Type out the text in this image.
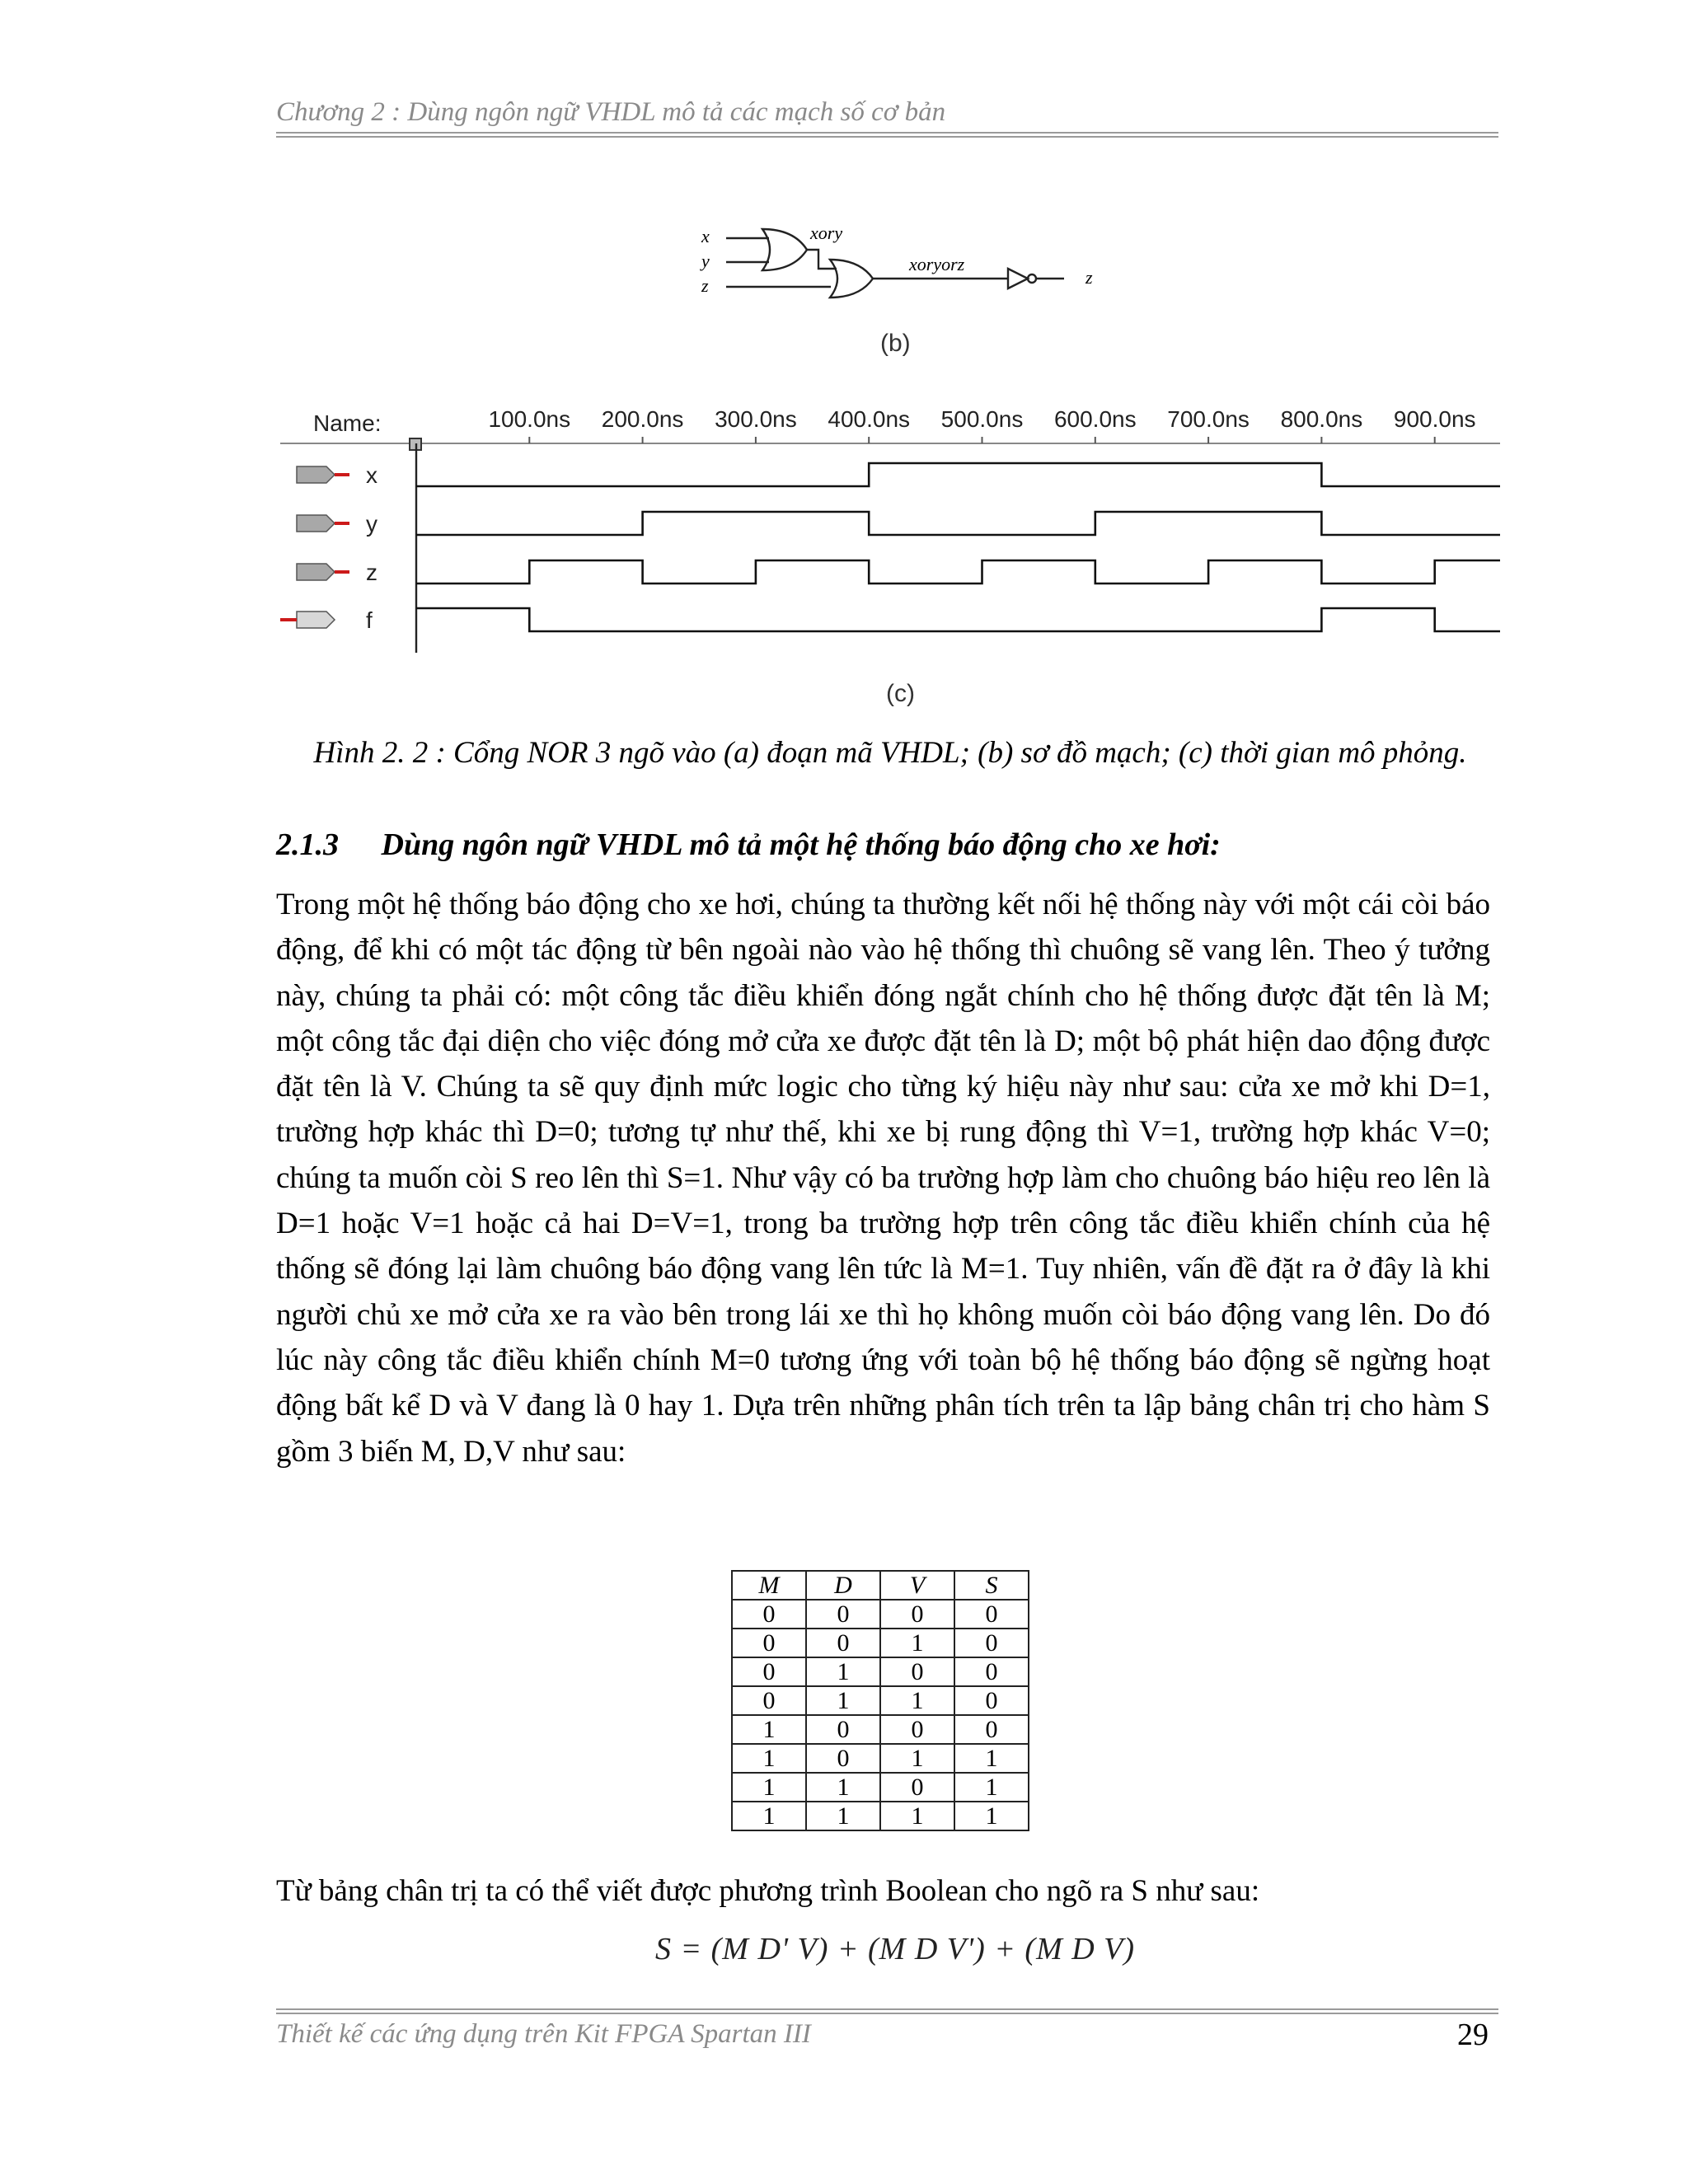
Chương 2 : Dùng ngôn ngữ VHDL mô tả các mạch số cơ bản
x
y
z
xory
xoryorz
z
(b)
Name:	100.0ns 200.0ns 300.0ns 400.0ns 500.0ns 600.0ns 700.0ns 800.0ns 900.0ns
x
y
z
f
(c)
Hình 2. 2 : Cổng NOR 3 ngõ vào (a) đoạn mã VHDL; (b) sơ đồ mạch; (c) thời gian mô phỏng.
2.1.3 Dùng ngôn ngữ VHDL mô tả một hệ thống báo động cho xe hơi:
Trong một hệ thống báo động cho xe hơi, chúng ta thường kết nối hệ thống này với một cái còi báo động, để khi có một tác động từ bên ngoài nào vào hệ thống thì chuông sẽ vang lên. Theo ý tưởng này, chúng ta phải có: một công tắc điều khiển đóng ngắt chính cho hệ thống được đặt tên là M; một công tắc đại diện cho việc đóng mở cửa xe được đặt tên là D; một bộ phát hiện dao động được đặt tên là V. Chúng ta sẽ quy định mức logic cho từng ký hiệu này như sau: cửa xe mở khi D=1, trường hợp khác thì D=0; tương tự như thế, khi xe bị rung động thì V=1, trường hợp khác V=0; chúng ta muốn còi S reo lên thì S=1. Như vậy có ba trường hợp làm cho chuông báo hiệu reo lên là D=1 hoặc V=1 hoặc cả hai D=V=1, trong ba trường hợp trên công tắc điều khiển chính của hệ thống sẽ đóng lại làm chuông báo động vang lên tức là M=1. Tuy nhiên, vấn đề đặt ra ở đây là khi người chủ xe mở cửa xe ra vào bên trong lái xe thì họ không muốn còi báo động vang lên. Do đó lúc này công tắc điều khiển chính M=0 tương ứng với toàn bộ hệ thống báo động sẽ ngừng hoạt động bất kể D và V đang là 0 hay 1. Dựa trên những phân tích trên ta lập bảng chân trị cho hàm S gồm 3 biến M, D,V như sau:
M	D	V	S
0	0	0	0
0	0	1	0
0	1	0	0
0	1	1	0
1	0	0	0
1	0	1	1
1	1	0	1
1	1	1	1
Từ bảng chân trị ta có thể viết được phương trình Boolean cho ngõ ra S như sau:
S = (M D' V) + (M D V') + (M D V)
Thiết kế các ứng dụng trên Kit FPGA Spartan III	29
